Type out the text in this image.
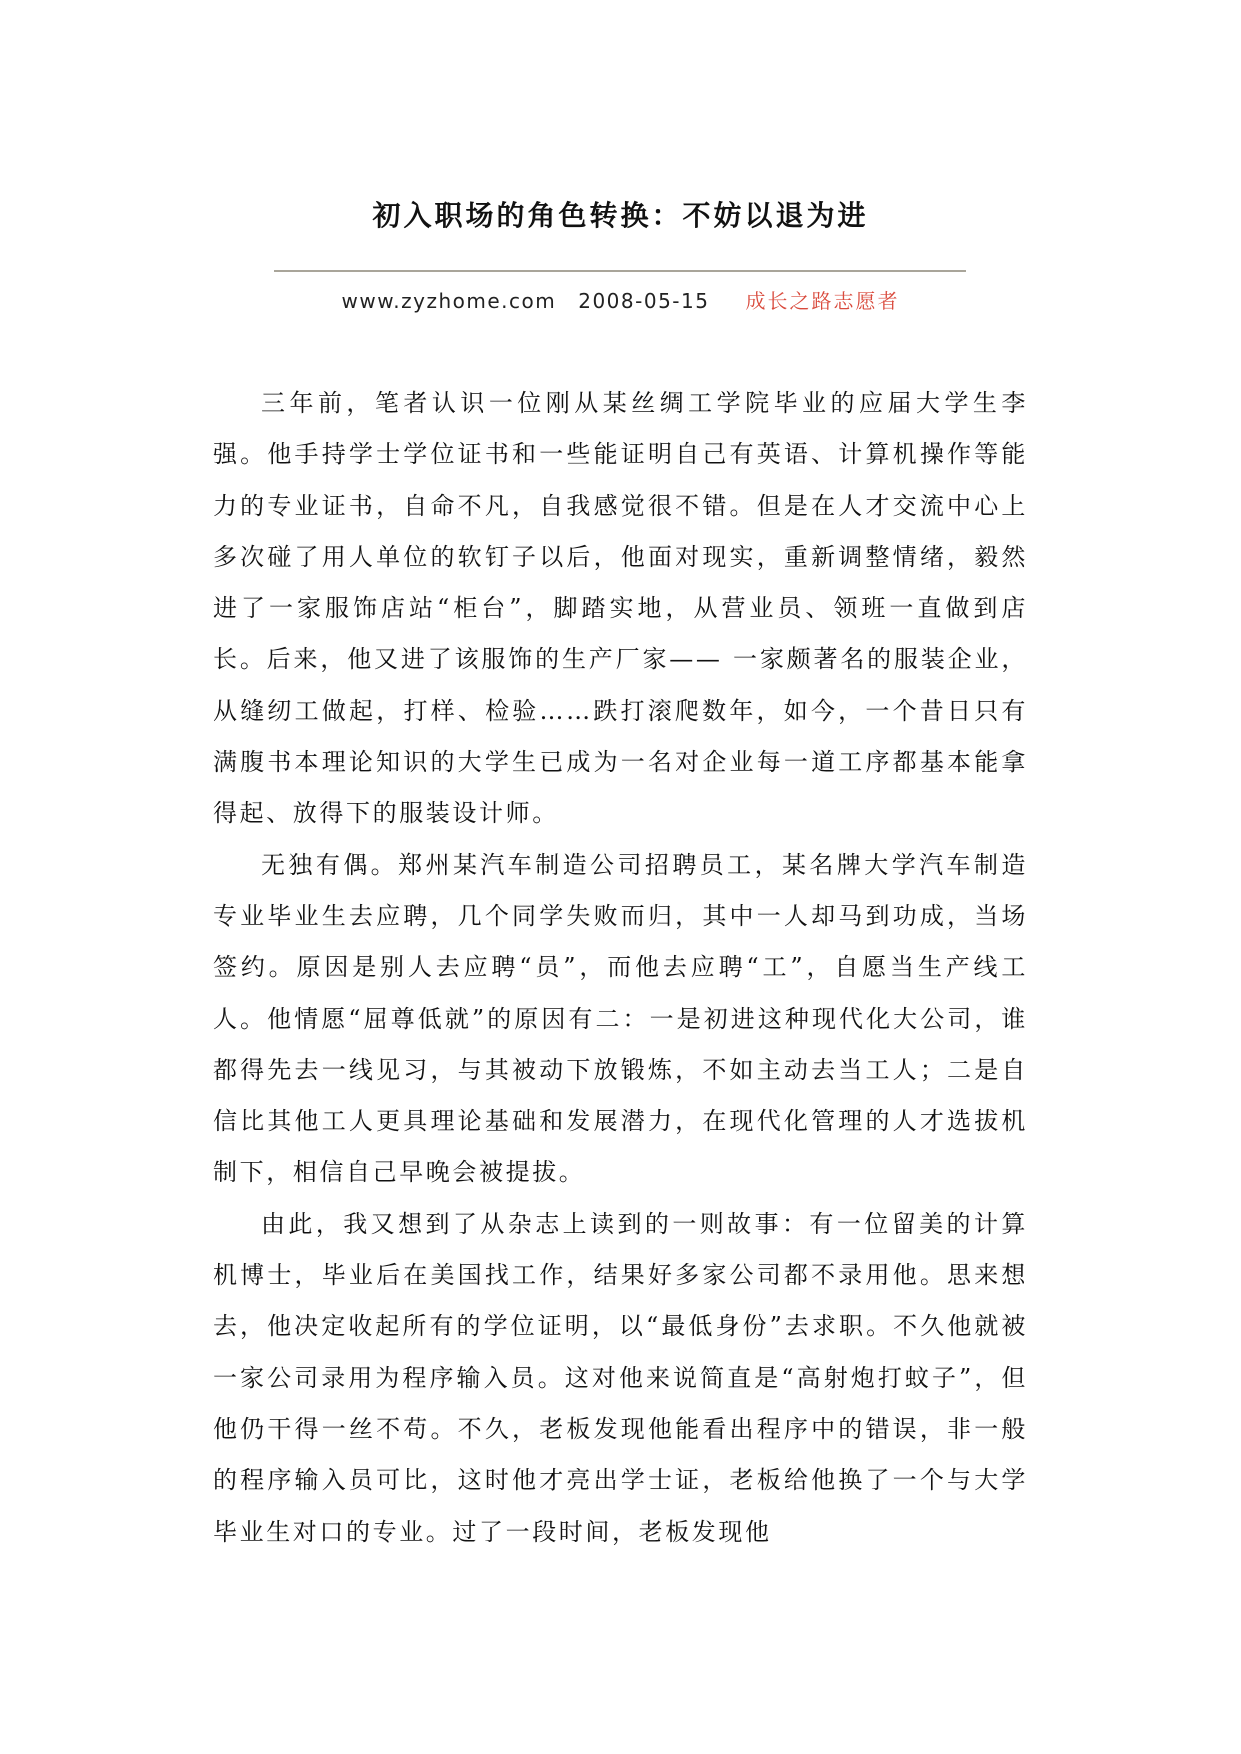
初入职场的角色转换：不妨以退为进
www.zyzhome.com 2008-05-15 成长之路志愿者

三年前，笔者认识一位刚从某丝绸工学院毕业的应届大学生李强。他手持学士学位证书和一些能证明自己有英语、计算机操作等能力的专业证书，自命不凡，自我感觉很不错。但是在人才交流中心上多次碰了用人单位的软钉子以后，他面对现实，重新调整情绪，毅然进了一家服饰店站“柜台”，脚踏实地，从营业员、领班一直做到店长。后来，他又进了该服饰的生产厂家—— 一家颇著名的服装企业，从缝纫工做起，打样、检验……跌打滚爬数年，如今，一个昔日只有满腹书本理论知识的大学生已成为一名对企业每一道工序都基本能拿得起、放得下的服装设计师。

无独有偶。郑州某汽车制造公司招聘员工，某名牌大学汽车制造专业毕业生去应聘，几个同学失败而归，其中一人却马到功成，当场签约。原因是别人去应聘“员”，而他去应聘“工”，自愿当生产线工人。他情愿“屈尊低就”的原因有二：一是初进这种现代化大公司，谁都得先去一线见习，与其被动下放锻炼，不如主动去当工人；二是自信比其他工人更具理论基础和发展潜力，在现代化管理的人才选拔机制下，相信自己早晚会被提拔。

由此，我又想到了从杂志上读到的一则故事：有一位留美的计算机博士，毕业后在美国找工作，结果好多家公司都不录用他。思来想去，他决定收起所有的学位证明，以“最低身份”去求职。不久他就被一家公司录用为程序输入员。这对他来说简直是“高射炮打蚊子”，但他仍干得一丝不苟。不久，老板发现他能看出程序中的错误，非一般的程序输入员可比，这时他才亮出学士证，老板给他换了一个与大学毕业生对口的专业。过了一段时间，老板发现他
